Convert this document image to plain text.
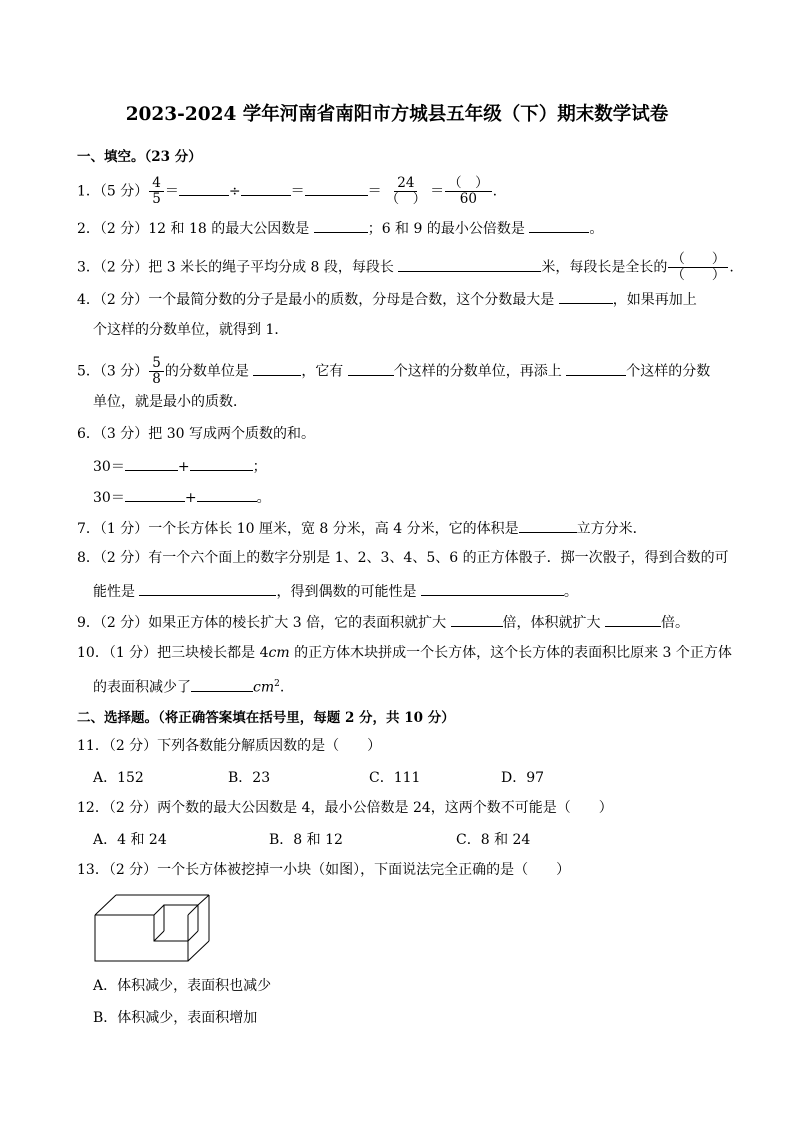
2023-2024 学年河南省南阳市方城县五年级（下）期末数学试卷
一、填空。（23 分）
1．（5 分） $\frac{4}{5}$ ＝	÷	＝	＝ $\frac{24}{( )} = \frac{( )}{60}$ .
2．（2 分）12 和 18 的最大公因数是	；6 和 9 的最小公倍数是	。
3．（2 分）把 3 米长的绳子平均分成 8 段，每段长	米，每段长是全长的 $\frac{( )}{( )}$ .
4．（2 分）一个最简分数的分子是最小的质数，分母是合数，这个分数最大是	，如果再加上
个这样的分数单位，就得到 1．
5．（3 分） $\frac{5}{8}$ 的分数单位是	，它有	个这样的分数单位，再添上	个这样的分数
单位，就是最小的质数．
6．（3 分）把 30 写成两个质数的和。
30＝	+	；
30＝	+	。
7．（1 分）一个长方体长 10 厘米，宽 8 分米，高 4 分米，它的体积是	立方分米．
8．（2 分）有一个六个面上的数字分别是 1、2、3、4、5、6 的正方体骰子．掷一次骰子，得到合数的可
能性是	，得到偶数的可能性是	。
9．（2 分）如果正方体的棱长扩大 3 倍，它的表面积就扩大	倍，体积就扩大	倍。
10．（1 分）把三块棱长都是 4cm 的正方体木块拼成一个长方体，这个长方体的表面积比原来 3 个正方体
的表面积减少了	$cm^2$.
二、选择题。（将正确答案填在括号里，每题 2 分，共 10 分）
11．（2 分）下列各数能分解质因数的是（　　）
A．152	B．23	C．111	D．97
12．（2 分）两个数的最大公因数是 4，最小公倍数是 24，这两个数不可能是（　　）
A．4 和 24	B．8 和 12	C．8 和 24
13．（2 分）一个长方体被挖掉一小块（如图），下面说法完全正确的是（　　）
A．体积减少，表面积也减少
B．体积减少，表面积增加
